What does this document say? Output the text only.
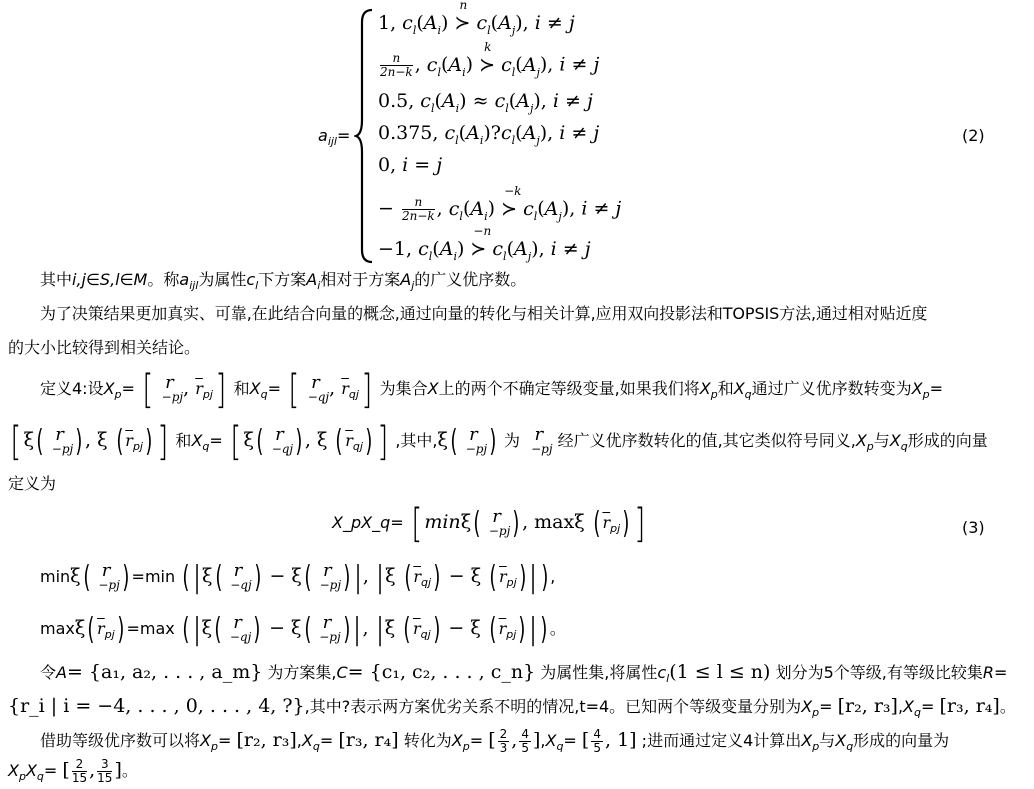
$a_{ijl}=$
1, $c_l(A_i)$ ≻
n
$c_l(A_j)$, i ≠ j
$\frac{n}{2n-k}$ , $c_l(A_i)$ ≻
k
$c_l(A_j)$, i ≠ j
0.5, $c_l(A_i) \approx c_l(A_j)$, i ≠ j
0.375, $c_l(A_i)?c_l(A_j)$, i ≠ j
0, i = j
− $\frac{n}{2n-k}$ , $c_l(A_i)$ ≻
−k
$c_l(A_j)$, i ≠ j
−1, $c_l(A_i)$ ≻
−n
$c_l(A_j)$, i ≠ j
(2)
其中i,j∈S,l∈M。称$a_{ijl}$为属性$c_l$下方案$A_i$相对于方案$A_j$的广义优序数。
为了决策结果更加真实、可靠,在此结合向量的概念,通过向量的转化与相关计算,应用双向投影法和TOPSIS方法,通过相对贴近度
的大小比较得到相关结论。
定义4:设$X_p=$ [ r
−pj , $\overline{r}_{pj}$] 和$X_q=$ [ r
−qj , $\overline{r}_{qj}$] 为集合X上的两个不确定等级变量,如果我们将$X_p$和$X_q$通过广义优序数转变为$X_p=$
[ ξ( r
−pj ) , ξ ( $\overline{r}_{pj}$) ] 和$X_q=$ [ ξ( r
−qj ) , ξ ( $\overline{r}_{qj}$) ] ,其中,ξ( r
−pj ) 为 r
−pj 经广义优序数转化的值,其它类似符号同义$,X_p$与$X_q$形成的向量
定义为
X_pX_q= [ minξ( r
−pj ) , maxξ ( $\overline{r}_{pj}$) ]	(3)
minξ( r
−pj ) =min ( | ξ( r
−qj ) − ξ( r
−pj ) | , | ξ ( $\overline{r}_{qj}) - \xi$ ( $\overline{r}_{pj}$) | ) ,
maxξ( $\overline{r}_{pj}) =\max$ ( | ξ( r
−qj ) − ξ( r
−pj ) | , | ξ ( $\overline{r}_{qj}) - \xi$ ( $\overline{r}_{pj}$) | ) 。
令A= {a₁, a₂, . . . , a_m} 为方案集,C= {c₁, c₂, . . . , c_n} 为属性集,将属性$c_l(1 \le l \le n)$ 划分为5个等级,有等级比较集R=
{r_i | i = −4, . . . , 0, . . . , 4, ?},其中?表示两方案优劣关系不明的情况,t=4。已知两个等级变量分别为$X_p= [r_2$, $r_3],X_q= [r_3$, r₄]。
借助等级优序数可以将$X_p= [r_2$, $r_3],X_q= [r_3$, r₄] 转化为$X_p=$ [ $\frac{2}{3}$ , $\frac{4}{5} ],X_q=$ [ $\frac{4}{5}$ , 1] ;进而通过定义4计算出$X_p$与$X_q$形成的向量为
$X_pX_q=$ [ $\frac{2}{15}$ , $\frac{3}{15}$ ]。
